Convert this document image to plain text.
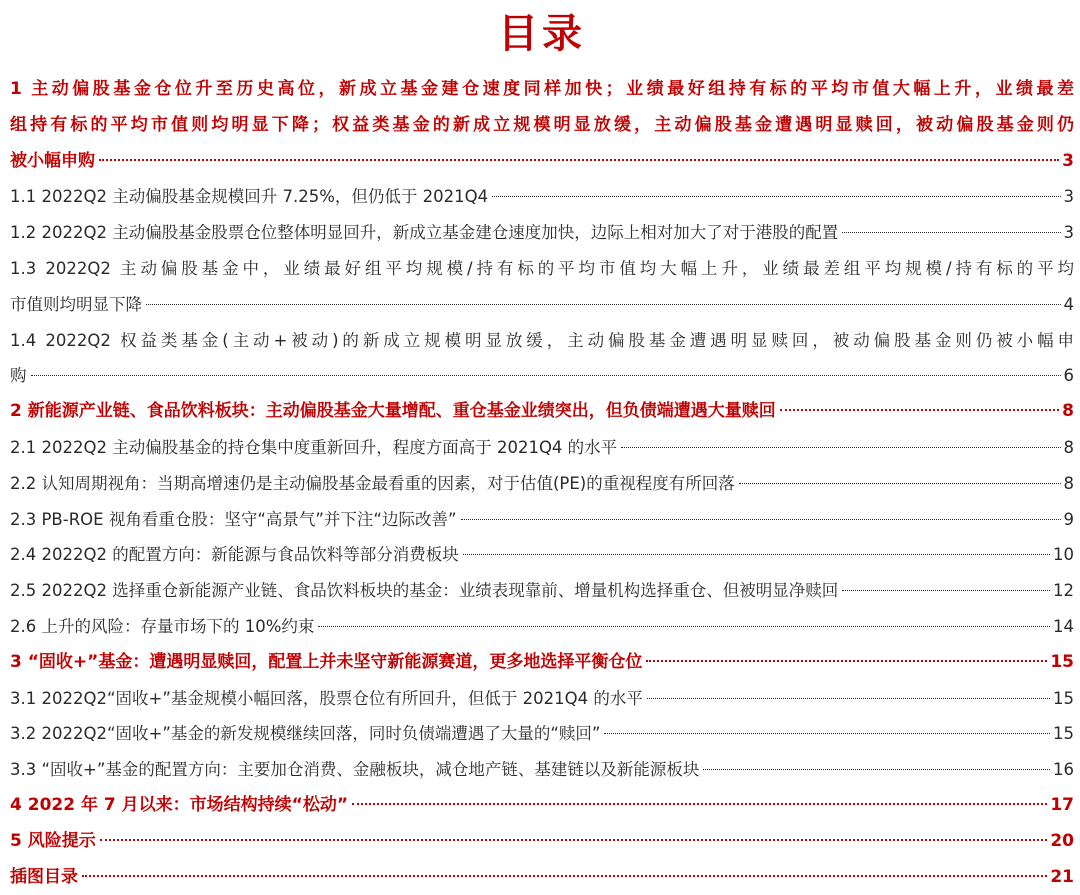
目录
1 主动偏股基金仓位升至历史高位，新成立基金建仓速度同样加快；业绩最好组持有标的平均市值大幅上升，业绩最差
组持有标的平均市值则均明显下降；权益类基金的新成立规模明显放缓，主动偏股基金遭遇明显赎回，被动偏股基金则仍
被小幅申购	3
1.1 2022Q2 主动偏股基金规模回升 7.25%，但仍低于 2021Q4	3
1.2 2022Q2 主动偏股基金股票仓位整体明显回升，新成立基金建仓速度加快，边际上相对加大了对于港股的配置	3
1.3 2022Q2 主动偏股基金中，业绩最好组平均规模/持有标的平均市值均大幅上升，业绩最差组平均规模/持有标的平均
市值则均明显下降	4
1.4 2022Q2 权益类基金(主动+被动)的新成立规模明显放缓，主动偏股基金遭遇明显赎回，被动偏股基金则仍被小幅申
购	6
2 新能源产业链、食品饮料板块：主动偏股基金大量增配、重仓基金业绩突出，但负债端遭遇大量赎回	8
2.1 2022Q2 主动偏股基金的持仓集中度重新回升，程度方面高于 2021Q4 的水平	8
2.2 认知周期视角：当期高增速仍是主动偏股基金最看重的因素，对于估值(PE)的重视程度有所回落	8
2.3 PB-ROE 视角看重仓股：坚守“高景气”并下注“边际改善”	9
2.4 2022Q2 的配置方向：新能源与食品饮料等部分消费板块	10
2.5 2022Q2 选择重仓新能源产业链、食品饮料板块的基金：业绩表现靠前、增量机构选择重仓、但被明显净赎回	12
2.6 上升的风险：存量市场下的 10%约束	14
3 “固收+”基金：遭遇明显赎回，配置上并未坚守新能源赛道，更多地选择平衡仓位	15
3.1 2022Q2“固收+”基金规模小幅回落，股票仓位有所回升，但低于 2021Q4 的水平	15
3.2 2022Q2“固收+”基金的新发规模继续回落，同时负债端遭遇了大量的“赎回”	15
3.3 “固收+”基金的配置方向：主要加仓消费、金融板块，减仓地产链、基建链以及新能源板块	16
4 2022 年 7 月以来：市场结构持续“松动”	17
5 风险提示	20
插图目录	21
